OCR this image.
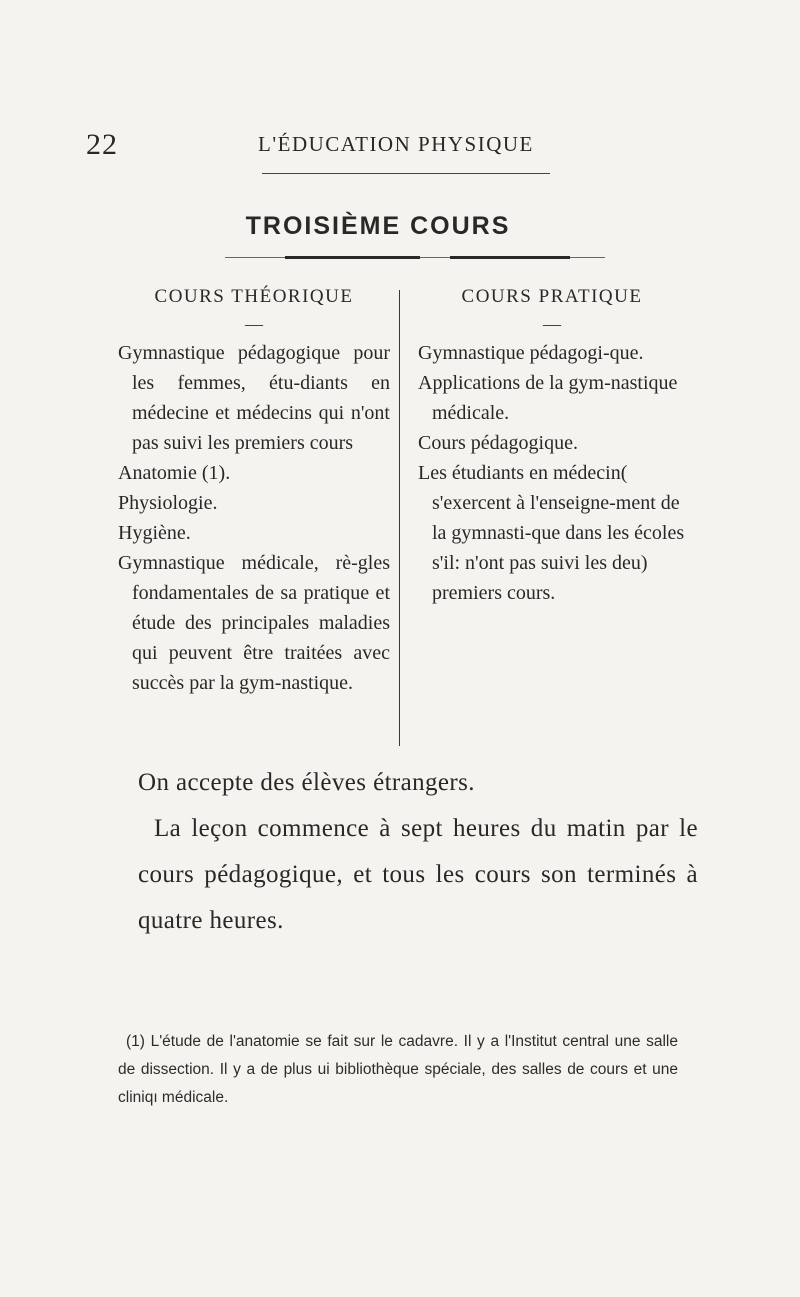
22	L'ÉDUCATION PHYSIQUE
TROISIÈME COURS
COURS THÉORIQUE
—

Gymnastique pédagogique pour les femmes, étu-diants en médecine et médecins qui n'ont pas suivi les premiers cours

Anatomie (1).

Physiologie.

Hygiène.

Gymnastique médicale, rè-gles fondamentales de sa pratique et étude des principales maladies qui peuvent être traitées avec succès par la gym-nastique.

COURS PRATIQUE
—

Gymnastique pédagogi-que.

Applications de la gym-nastique médicale.

Cours pédagogique.

Les étudiants en médecin( s'exercent à l'enseigne-ment de la gymnasti-que dans les écoles s'il: n'ont pas suivi les deu) premiers cours.

On accepte des élèves étrangers.

La leçon commence à sept heures du matin par le cours pédagogique, et tous les cours son terminés à quatre heures.

(1) L'étude de l'anatomie se fait sur le cadavre. Il y a l'Institut central une salle de dissection. Il y a de plus ui bibliothèque spéciale, des salles de cours et une cliniqı médicale.
